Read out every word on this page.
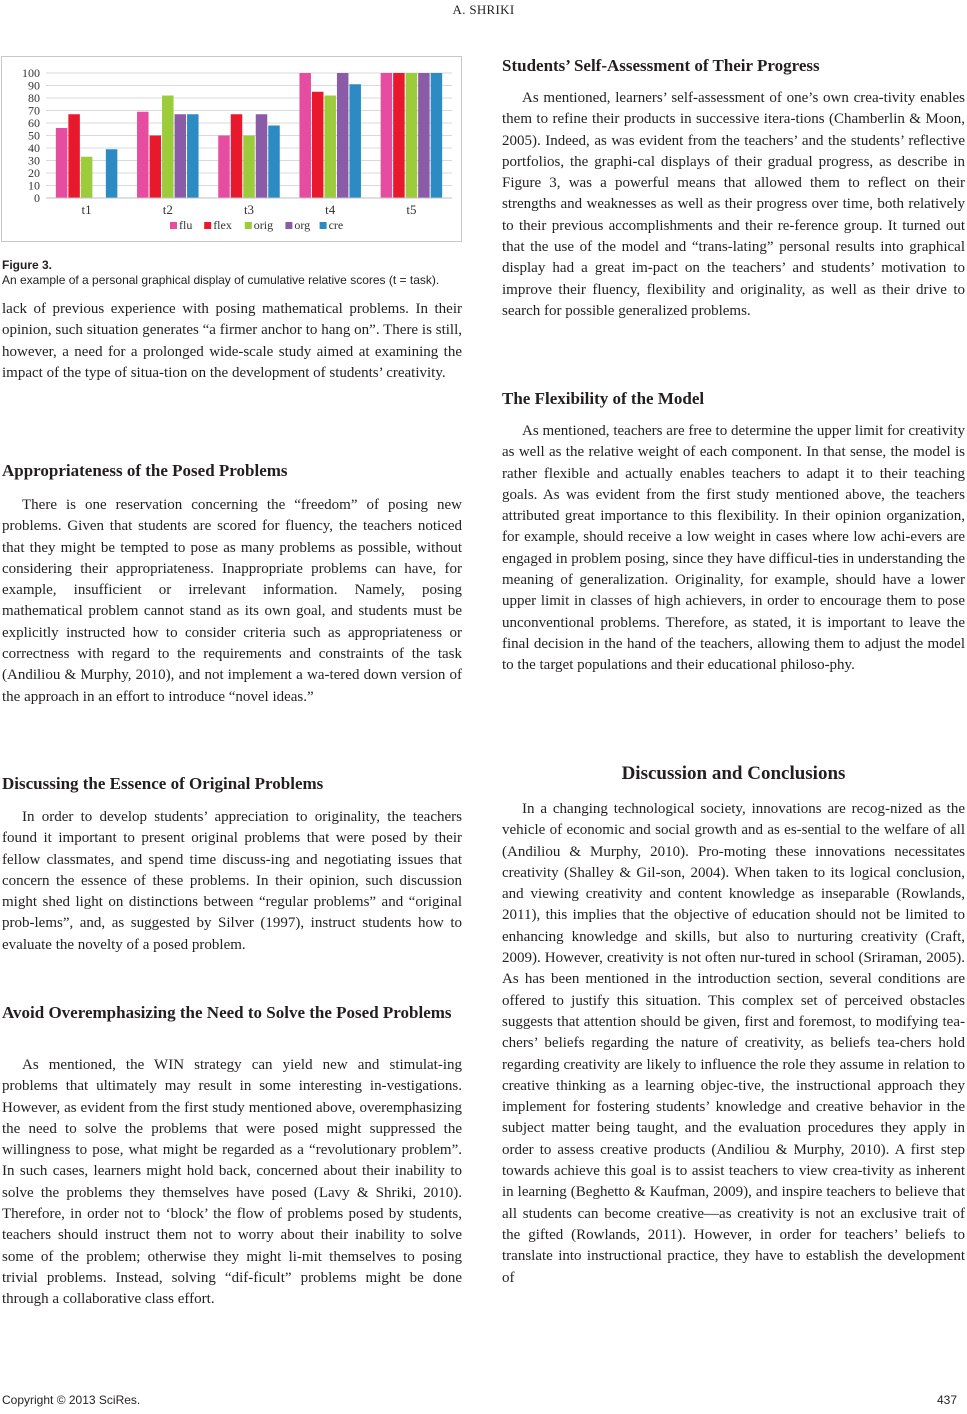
A. SHRIKI
0
10
20
30
40
50
60
70
80
90
100
t1	t2	t3	t4	t5
flu flex orig org cre
Figure 3.
An example of a personal graphical display of cumulative relative scores (t = task).

lack of previous experience with posing mathematical problems. In their opinion, such situation generates “a firmer anchor to hang on”. There is still, however, a need for a prolonged wide-scale study aimed at examining the impact of the type of situa-tion on the development of students’ creativity.

Appropriateness of the Posed Problems

There is one reservation concerning the “freedom” of posing new problems. Given that students are scored for fluency, the teachers noticed that they might be tempted to pose as many problems as possible, without considering their appropriateness. Inappropriate problems can have, for example, insufficient or irrelevant information. Namely, posing mathematical problem cannot stand as its own goal, and students must be explicitly instructed how to consider criteria such as appropriateness or correctness with regard to the requirements and constraints of the task (Andiliou & Murphy, 2010), and not implement a wa-tered down version of the approach in an effort to introduce “novel ideas.”

Discussing the Essence of Original Problems

In order to develop students’ appreciation to originality, the teachers found it important to present original problems that were posed by their fellow classmates, and spend time discuss-ing and negotiating issues that concern the essence of these problems. In their opinion, such discussion might shed light on distinctions between “regular problems” and “original prob-lems”, and, as suggested by Silver (1997), instruct students how to evaluate the novelty of a posed problem.

Avoid Overemphasizing the Need to Solve the Posed Problems

As mentioned, the WIN strategy can yield new and stimulat-ing problems that ultimately may result in some interesting in-vestigations. However, as evident from the first study mentioned above, overemphasizing the need to solve the problems that were posed might suppressed the willingness to pose, what might be regarded as a “revolutionary problem”. In such cases, learners might hold back, concerned about their inability to solve the problems they themselves have posed (Lavy & Shriki, 2010). Therefore, in order not to ‘block’ the flow of problems posed by students, teachers should instruct them not to worry about their inability to solve some of the problem; otherwise they might li-mit themselves to posing trivial problems. Instead, solving “dif-ficult” problems might be done through a collaborative class effort.

Students’ Self-Assessment of Their Progress

As mentioned, learners’ self-assessment of one’s own crea-tivity enables them to refine their products in successive itera-tions (Chamberlin & Moon, 2005). Indeed, as was evident from the teachers’ and the students’ reflective portfolios, the graphi-cal displays of their gradual progress, as describe in Figure 3, was a powerful means that allowed them to reflect on their strengths and weaknesses as well as their progress over time, both relatively to their previous accomplishments and their re-ference group. It turned out that the use of the model and “trans-lating” personal results into graphical display had a great im-pact on the teachers’ and students’ motivation to improve their fluency, flexibility and originality, as well as their drive to search for possible generalized problems.

The Flexibility of the Model

As mentioned, teachers are free to determine the upper limit for creativity as well as the relative weight of each component. In that sense, the model is rather flexible and actually enables teachers to adapt it to their teaching goals. As was evident from the first study mentioned above, the teachers attributed great importance to this flexibility. In their opinion organization, for example, should receive a low weight in cases where low achi-evers are engaged in problem posing, since they have difficul-ties in understanding the meaning of generalization. Originality, for example, should have a lower upper limit in classes of high achievers, in order to encourage them to pose unconventional problems. Therefore, as stated, it is important to leave the final decision in the hand of the teachers, allowing them to adjust the model to the target populations and their educational philoso-phy.

Discussion and Conclusions

In a changing technological society, innovations are recog-nized as the vehicle of economic and social growth and as es-sential to the welfare of all (Andiliou & Murphy, 2010). Pro-moting these innovations necessitates creativity (Shalley & Gil-son, 2004). When taken to its logical conclusion, and viewing creativity and content knowledge as inseparable (Rowlands, 2011), this implies that the objective of education should not be limited to enhancing knowledge and skills, but also to nurturing creativity (Craft, 2009). However, creativity is not often nur-tured in school (Sriraman, 2005). As has been mentioned in the introduction section, several conditions are offered to justify this situation. This complex set of perceived obstacles suggests that attention should be given, first and foremost, to modifying tea-chers’ beliefs regarding the nature of creativity, as beliefs tea-chers hold regarding creativity are likely to influence the role they assume in relation to creative thinking as a learning objec-tive, the instructional approach they implement for fostering students’ knowledge and creative behavior in the subject matter being taught, and the evaluation procedures they apply in order to assess creative products (Andiliou & Murphy, 2010). A first step towards achieve this goal is to assist teachers to view crea-tivity as inherent in learning (Beghetto & Kaufman, 2009), and inspire teachers to believe that all students can become creative—as creativity is not an exclusive trait of the gifted (Rowlands, 2011). However, in order for teachers’ beliefs to translate into instructional practice, they have to establish the development of

Copyright © 2013 SciRes.	437
